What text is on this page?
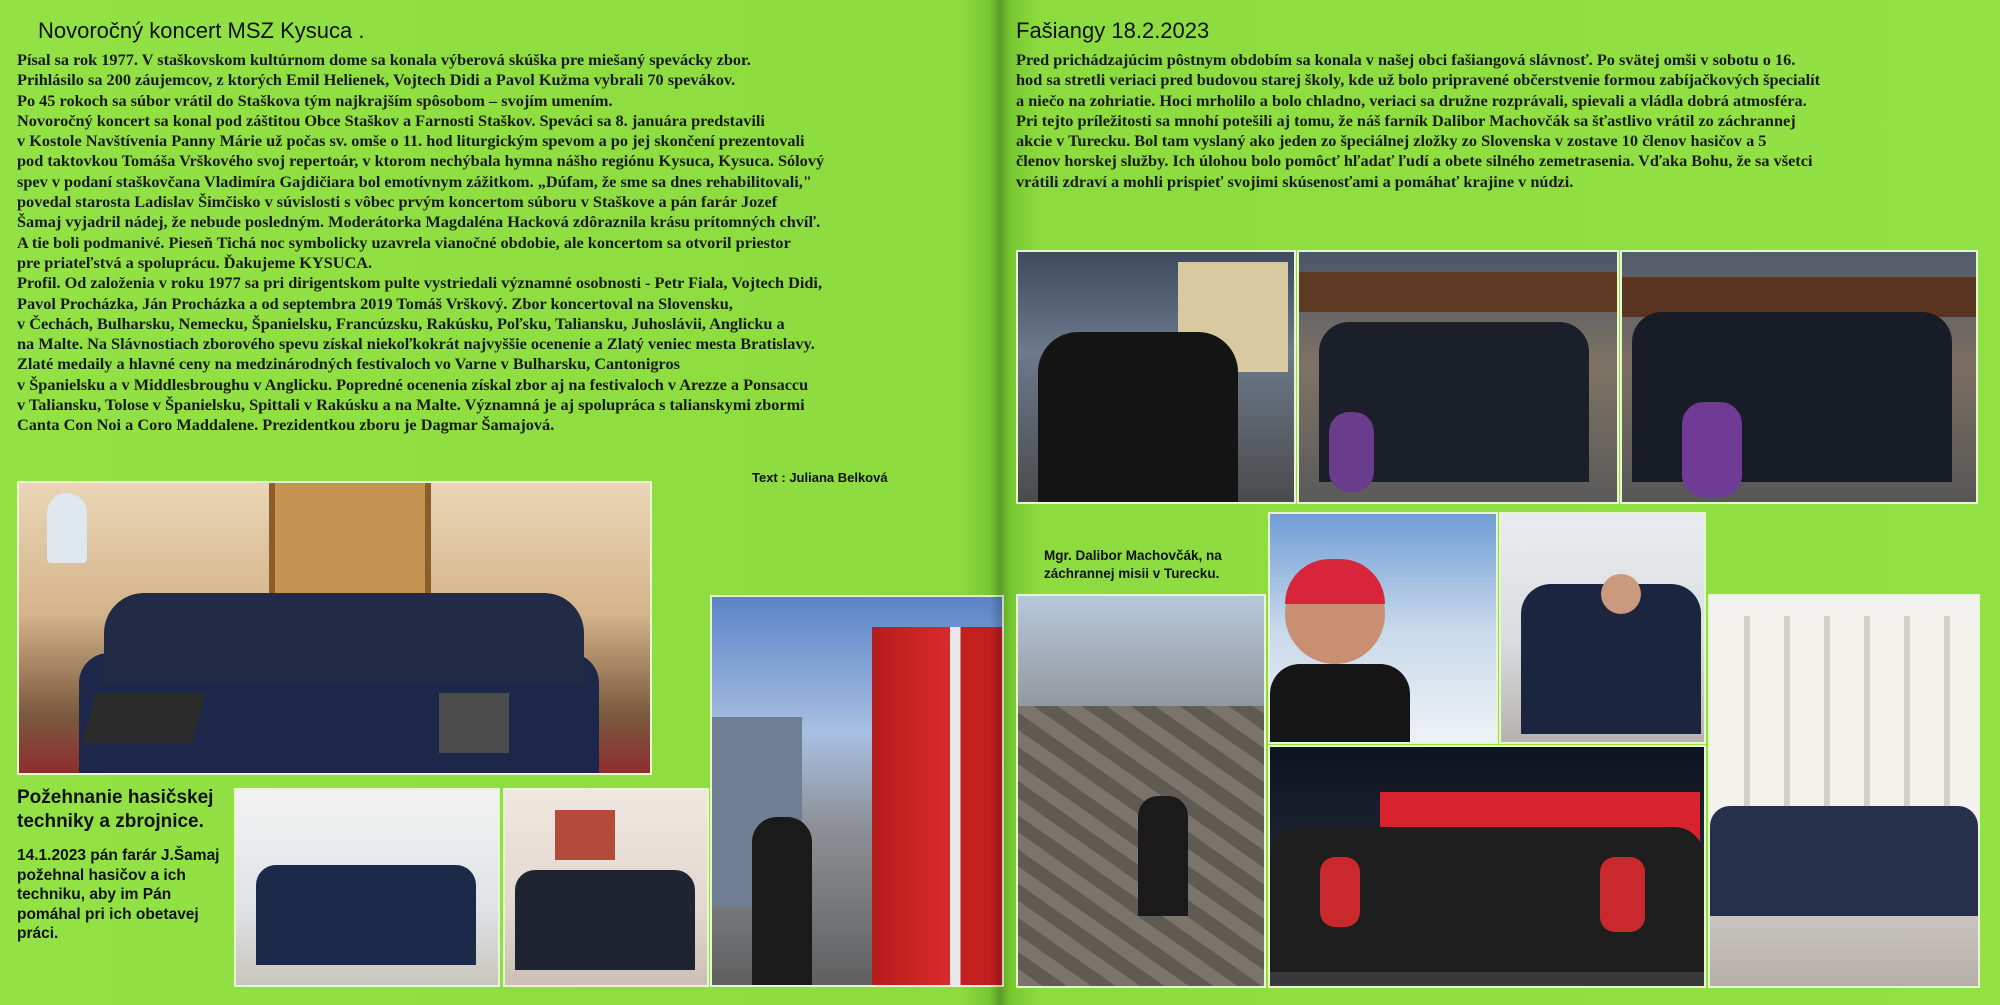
Novoročný koncert MSZ Kysuca .

Písal sa rok 1977. V staškovskom kultúrnom dome sa konala výberová skúška pre miešaný spevácky zbor.

Prihlásilo sa 200 záujemcov, z ktorých Emil Helienek, Vojtech Didi a Pavol Kužma vybrali 70 spevákov.

Po 45 rokoch sa súbor vrátil do Staškova tým najkrajším spôsobom – svojím umením.

Novoročný koncert sa konal pod záštitou Obce Staškov a Farnosti Staškov. Speváci sa 8. januára predstavili

v Kostole Navštívenia Panny Márie už počas sv. omše o 11. hod liturgickým spevom a po jej skončení prezentovali

pod taktovkou Tomáša Vrškového svoj repertoár, v ktorom nechýbala hymna nášho regiónu Kysuca, Kysuca. Sólový

spev v podaní staškovčana Vladimíra Gajdičiara bol emotívnym zážitkom. „Dúfam, že sme sa dnes rehabilitovali,"

povedal starosta Ladislav Šimčisko v súvislosti s vôbec prvým koncertom súboru v Staškove a pán farár Jozef

Šamaj vyjadril nádej, že nebude posledným. Moderátorka Magdaléna Hacková zdôraznila krásu prítomných chvíľ.

A tie boli podmanivé. Pieseň Tichá noc symbolicky uzavrela vianočné obdobie, ale koncertom sa otvoril priestor

pre priateľstvá a spoluprácu. Ďakujeme KYSUCA.

Profil. Od založenia v roku 1977 sa pri dirigentskom pulte vystriedali významné osobnosti - Petr Fiala, Vojtech Didi,

Pavol Procházka, Ján Procházka a od septembra 2019 Tomáš Vrškový. Zbor koncertoval na Slovensku,

v Čechách, Bulharsku, Nemecku, Španielsku, Francúzsku, Rakúsku, Poľsku, Taliansku, Juhoslávii, Anglicku a

na Malte. Na Slávnostiach zborového spevu získal niekoľkokrát najvyššie ocenenie a Zlatý veniec mesta Bratislavy.

Zlaté medaily a hlavné ceny na medzinárodných festivaloch vo Varne v Bulharsku, Cantonigros

v Španielsku a v Middlesbroughu v Anglicku. Popredné ocenenia získal zbor aj na festivaloch v Arezze a Ponsaccu

v Taliansku, Tolose v Španielsku, Spittali v Rakúsku a na Malte. Významná je aj spolupráca s talianskymi zbormi

Canta Con Noi a Coro Maddalene. Prezidentkou zboru je Dagmar Šamajová.

Text : Juliana Belková
Požehnanie hasičskej techniky a zbrojnice.
14.1.2023 pán farár J.Šamaj požehnal hasičov a ich techniku, aby im Pán pomáhal pri ich obetavej práci.
Fašiangy 18.2.2023

Pred prichádzajúcim pôstnym obdobím sa konala v našej obci fašiangová slávnosť. Po svätej omši v sobotu o 16.

hod sa stretli veriaci pred budovou starej školy, kde už bolo pripravené občerstvenie formou zabíjačkových špecialít

a niečo na zohriatie. Hoci mrholilo a bolo chladno, veriaci sa družne rozprávali, spievali a vládla dobrá atmosféra.

Pri tejto príležitosti sa mnohí potešili aj tomu, že náš farník Dalibor Machovčák sa šťastlivo vrátil zo záchrannej

akcie v Turecku. Bol tam vyslaný ako jeden zo špeciálnej zložky zo Slovenska v zostave 10 členov hasičov a 5

členov horskej služby. Ich úlohou bolo pomôcť hľadať ľudí a obete silného zemetrasenia. Vďaka Bohu, že sa všetci

vrátili zdraví a mohli prispieť svojimi skúsenosťami a pomáhať krajine v núdzi.

Mgr. Dalibor Machovčák, na záchrannej misii v Turecku.
